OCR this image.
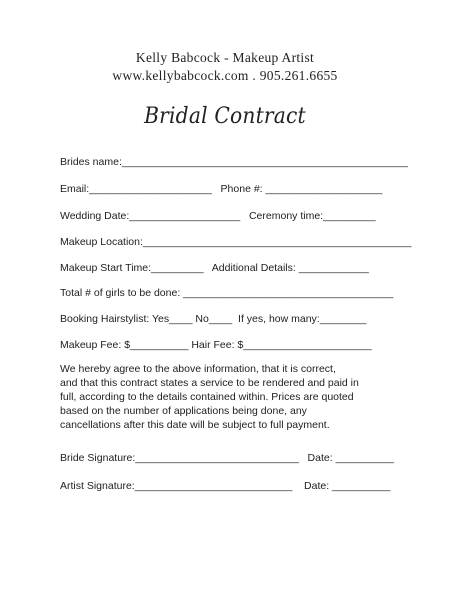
Kelly Babcock - Makeup Artist
www.kellybabcock.com . 905.261.6655
Bridal Contract
Brides name:_________________________________________________
Email:_____________________   Phone #: ____________________
Wedding Date:___________________   Ceremony time:_________
Makeup Location:______________________________________________
Makeup Start Time:_________   Additional Details: ____________
Total # of girls to be done: ____________________________________
Booking Hairstylist: Yes____ No____  If yes, how many:________
Makeup Fee: $__________ Hair Fee: $______________________
We hereby agree to the above information, that it is correct,
and that this contract states a service to be rendered and paid in
full, according to the details contained within. Prices are quoted
based on the number of applications being done, any
cancellations after this date will be subject to full payment.
Bride Signature:____________________________   Date: __________
Artist Signature:___________________________    Date: __________
